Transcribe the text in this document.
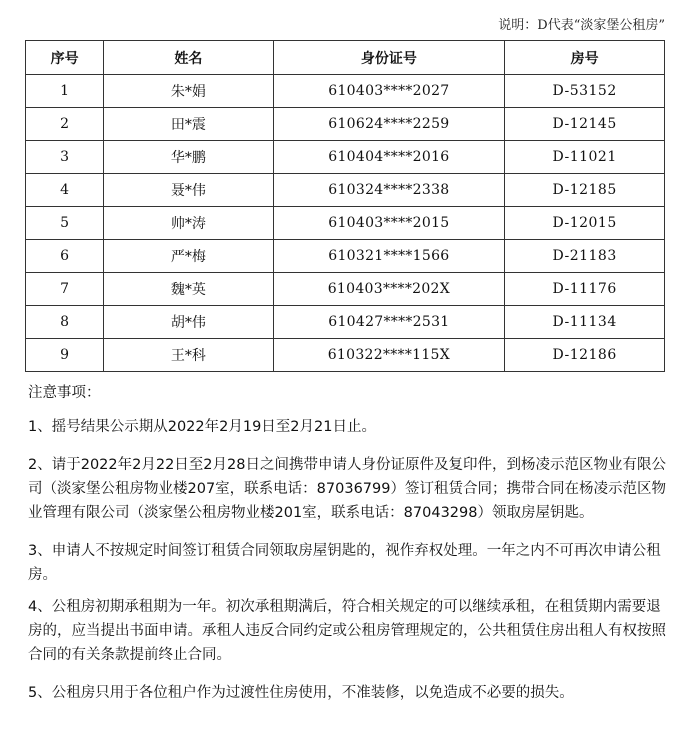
说明：D代表“淡家堡公租房”
序号	姓名	身份证号	房号
1	朱*娟	610403****2027	D-53152
2	田*震	610624****2259	D-12145
3	华*鹏	610404****2016	D-11021
4	聂*伟	610324****2338	D-12185
5	帅*涛	610403****2015	D-12015
6	严*梅	610321****1566	D-21183
7	魏*英	610403****202X	D-11176
8	胡*伟	610427****2531	D-11134
9	王*科	610322****115X	D-12186

注意事项：

1、摇号结果公示期从2022年2月19日至2月21日止。

2、请于2022年2月22日至2月28日之间携带申请人身份证原件及复印件，到杨凌示范区物业有限公司（淡家堡公租房物业楼207室，联系电话：87036799）签订租赁合同；携带合同在杨凌示范区物业管理有限公司（淡家堡公租房物业楼201室，联系电话：87043298）领取房屋钥匙。

3、申请人不按规定时间签订租赁合同领取房屋钥匙的，视作弃权处理。一年之内不可再次申请公租房。

4、公租房初期承租期为一年。初次承租期满后，符合相关规定的可以继续承租，在租赁期内需要退房的，应当提出书面申请。承租人违反合同约定或公租房管理规定的，公共租赁住房出租人有权按照合同的有关条款提前终止合同。

5、公租房只用于各位租户作为过渡性住房使用，不准装修，以免造成不必要的损失。
